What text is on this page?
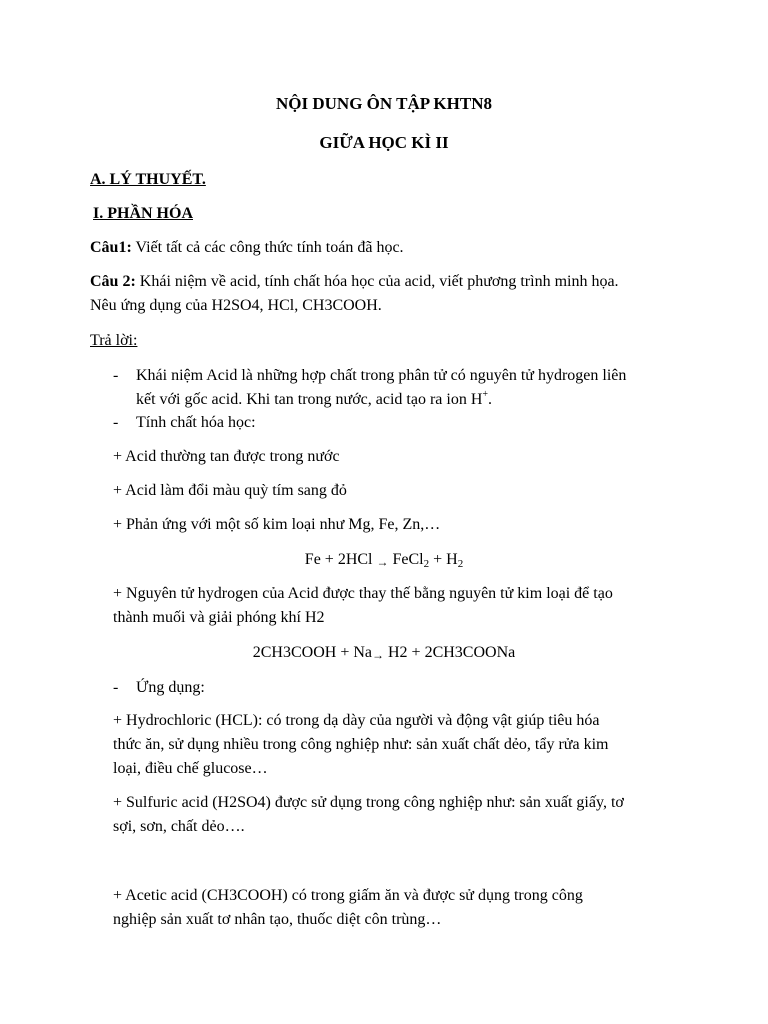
NỘI DUNG ÔN TẬP KHTN8
GIỮA HỌC KÌ II
A. LÝ THUYẾT.
I. PHẦN HÓA
Câu1: Viết tất cả các công thức tính toán đã học.
Câu 2: Khái niệm về acid, tính chất hóa học của acid, viết phương trình minh họa.
Nêu ứng dụng của H2SO4, HCl, CH3COOH.
Trả lời:
- Khái niệm Acid là những hợp chất trong phân tử có nguyên tử hydrogen liên
kết với gốc acid. Khi tan trong nước, acid tạo ra ion H+.
- Tính chất hóa học:
+ Acid thường tan được trong nước
+ Acid làm đổi màu quỳ tím sang đỏ
+ Phản ứng với một số kim loại như Mg, Fe, Zn,…
Fe + 2HCl → FeCl$_2$ + $H_2$
+ Nguyên tử hydrogen của Acid được thay thế bằng nguyên tử kim loại để tạo
thành muối và giải phóng khí H2
2CH3COOH + Na→ H2 + 2CH3COONa
- Ứng dụng:
+ Hydrochloric (HCL): có trong dạ dày của người và động vật giúp tiêu hóa
thức ăn, sử dụng nhiều trong công nghiệp như: sản xuất chất dẻo, tẩy rửa kim
loại, điều chế glucose…
+ Sulfuric acid (H2SO4) được sử dụng trong công nghiệp như: sản xuất giấy, tơ
sợi, sơn, chất dẻo….
+ Acetic acid (CH3COOH) có trong giấm ăn và được sử dụng trong công
nghiệp sản xuất tơ nhân tạo, thuốc diệt côn trùng…
